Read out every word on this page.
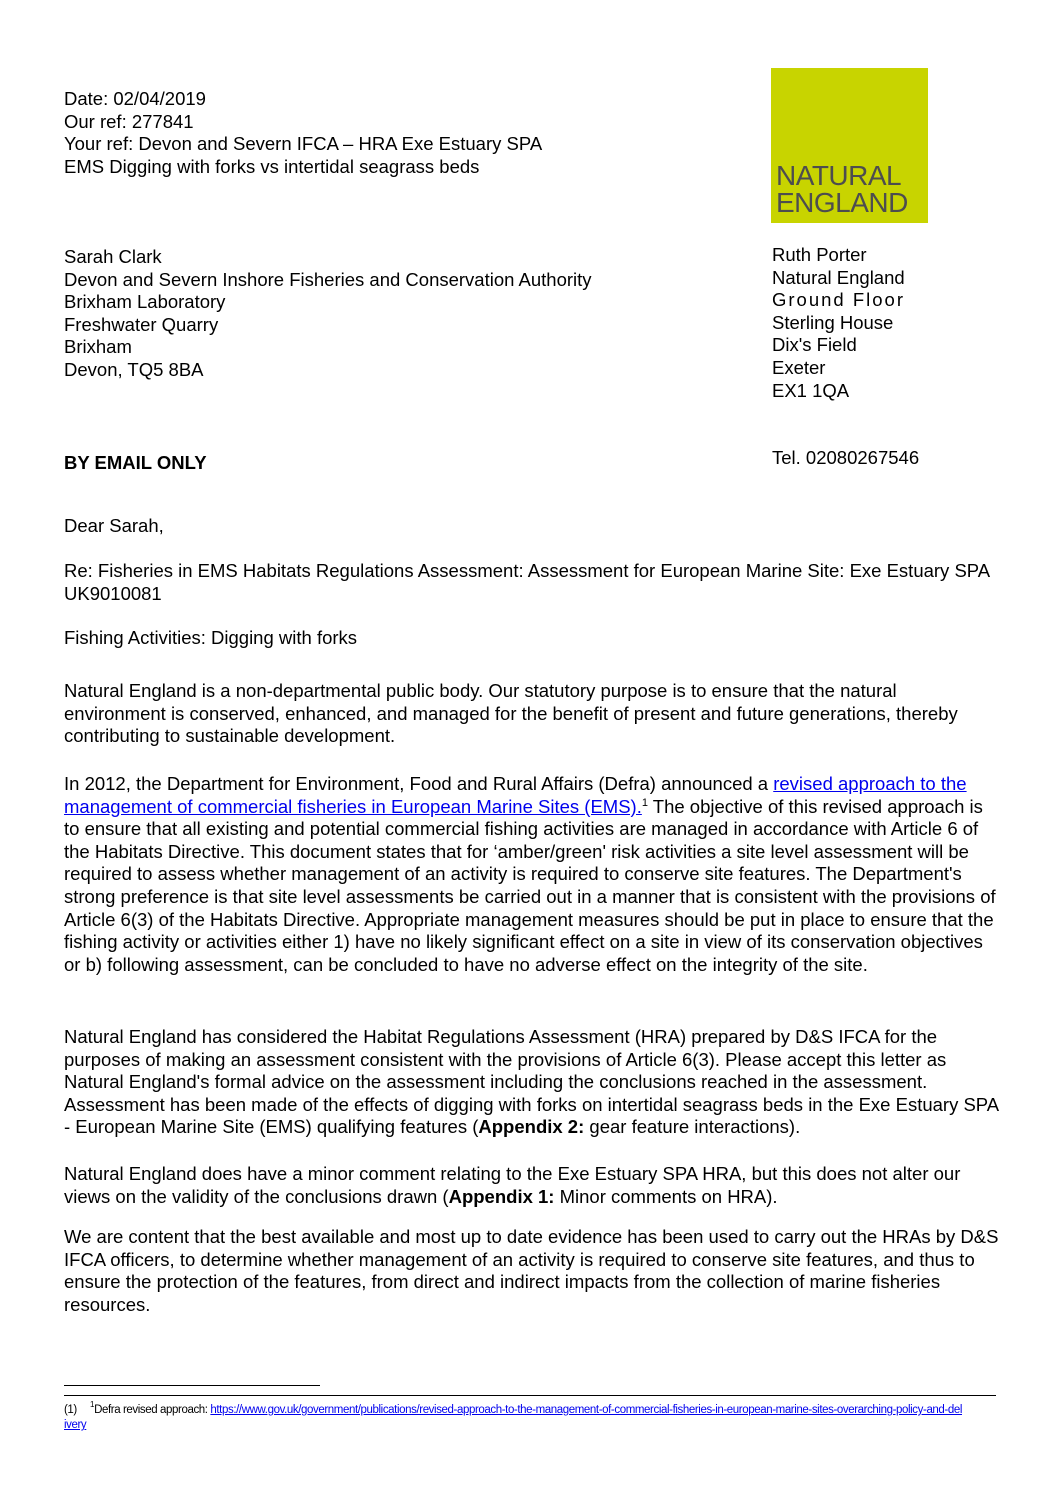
Date: 02/04/2019
Our ref: 277841
Your ref: Devon and Severn IFCA – HRA Exe Estuary SPA
EMS Digging with forks vs intertidal seagrass beds	NATURAL
ENGLAND
Sarah Clark
Devon and Severn Inshore Fisheries and Conservation Authority
Brixham Laboratory
Freshwater Quarry
Brixham
Devon, TQ5 8BA
Ruth Porter
Natural England
Ground Floor
Sterling House
Dix's Field
Exeter
EX1 1QA
Tel. 02080267546
BY EMAIL ONLY
Dear Sarah,
Re: Fisheries in EMS Habitats Regulations Assessment: Assessment for European Marine Site: Exe Estuary SPA UK9010081
Fishing Activities: Digging with forks

Natural England is a non-departmental public body. Our statutory purpose is to ensure that the natural environment is conserved, enhanced, and managed for the benefit of present and future generations, thereby contributing to sustainable development.

In 2012, the Department for Environment, Food and Rural Affairs (Defra) announced a revised approach to the management of commercial fisheries in European Marine Sites (EMS).$^1$ The objective of this revised approach is to ensure that all existing and potential commercial fishing activities are managed in accordance with Article 6 of the Habitats Directive. This document states that for ‘amber/green' risk activities a site level assessment will be required to assess whether management of an activity is required to conserve site features. The Department's strong preference is that site level assessments be carried out in a manner that is consistent with the provisions of Article 6(3) of the Habitats Directive. Appropriate management measures should be put in place to ensure that the fishing activity or activities either 1) have no likely significant effect on a site in view of its conservation objectives or b) following assessment, can be concluded to have no adverse effect on the integrity of the site.

Natural England has considered the Habitat Regulations Assessment (HRA) prepared by D&S IFCA for the purposes of making an assessment consistent with the provisions of Article 6(3). Please accept this letter as Natural England's formal advice on the assessment including the conclusions reached in the assessment. Assessment has been made of the effects of digging with forks on intertidal seagrass beds in the Exe Estuary SPA - European Marine Site (EMS) qualifying features (Appendix 2: gear feature interactions).

Natural England does have a minor comment relating to the Exe Estuary SPA HRA, but this does not alter our views on the validity of the conclusions drawn (Appendix 1: Minor comments on HRA).

We are content that the best available and most up to date evidence has been used to carry out the HRAs by D&S IFCA officers, to determine whether management of an activity is required to conserve site features, and thus to ensure the protection of the features, from direct and indirect impacts from the collection of marine fisheries resources.

(1) $^1$Defra revised approach: https://www.gov.uk/government/publications/revised-approach-to-the-management-of-commercial-fisheries-in-european-marine-sites-overarching-policy-and-delivery
